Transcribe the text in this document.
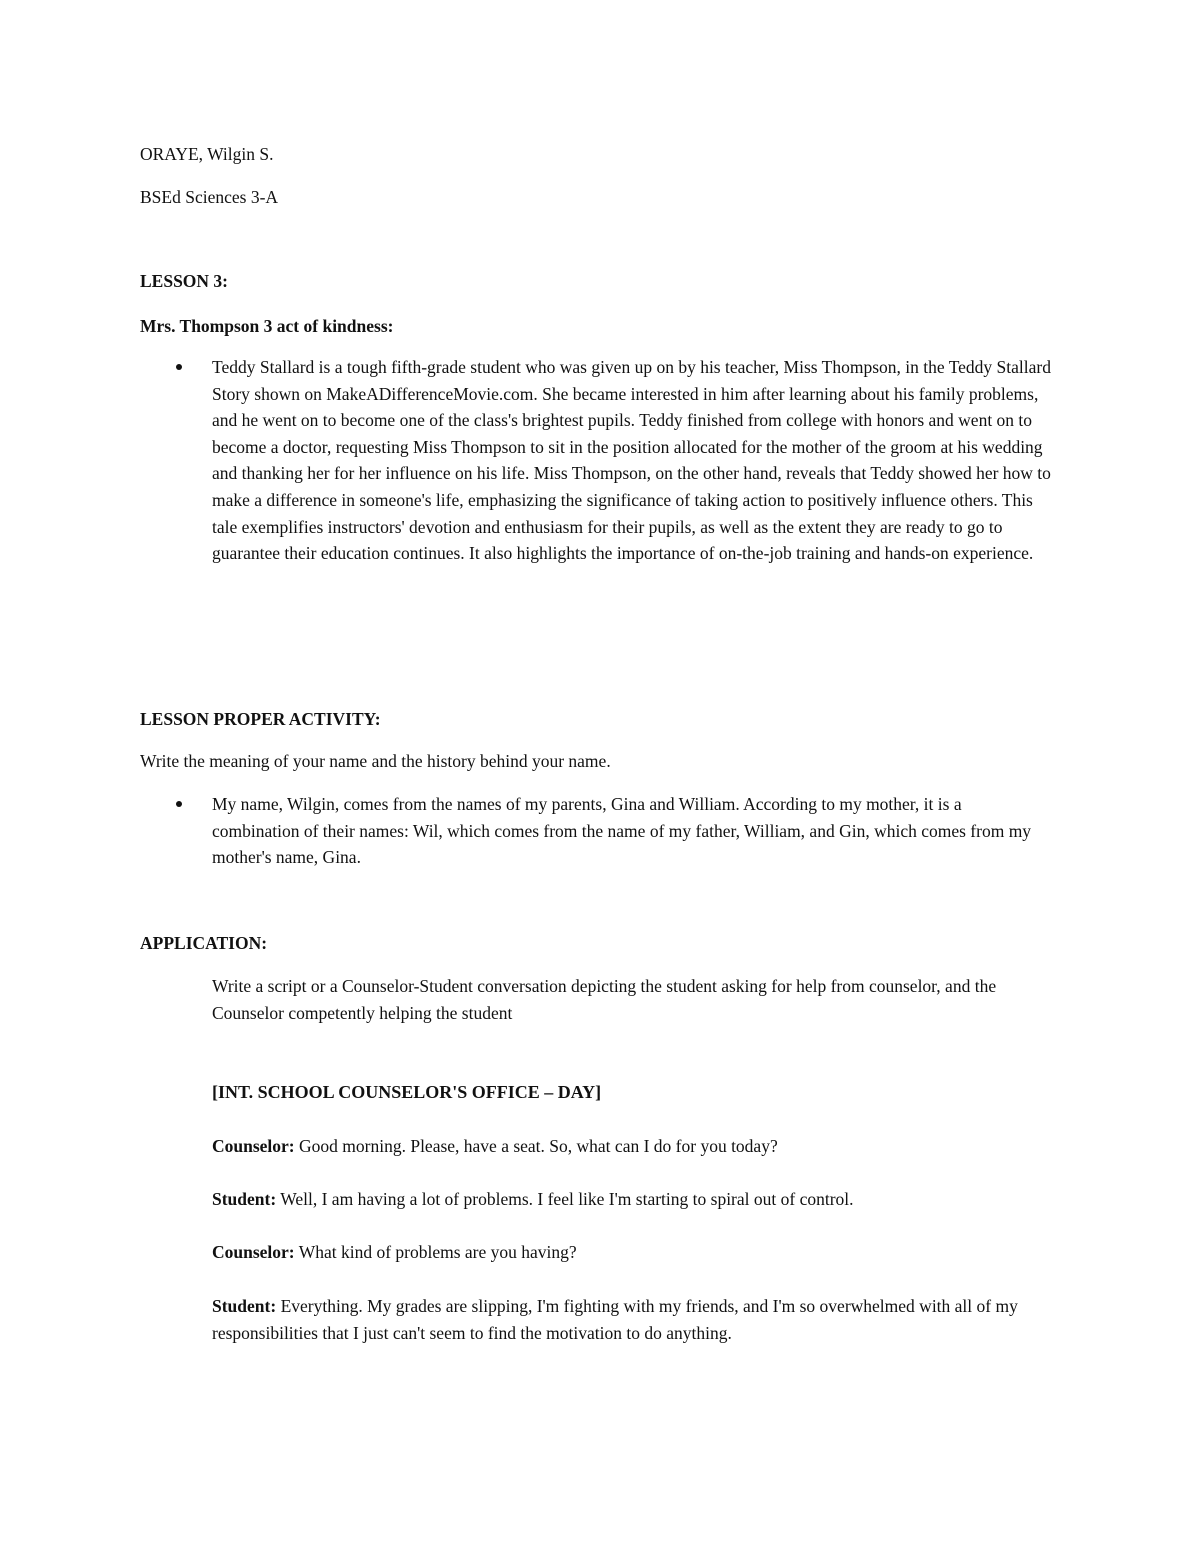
ORAYE, Wilgin S.
BSEd Sciences 3-A
LESSON 3:
Mrs. Thompson 3 act of kindness:

Teddy Stallard is a tough fifth-grade student who was given up on by his teacher, Miss Thompson, in the Teddy Stallard Story shown on MakeADifferenceMovie.com. She became interested in him after learning about his family problems, and he went on to become one of the class's brightest pupils. Teddy finished from college with honors and went on to become a doctor, requesting Miss Thompson to sit in the position allocated for the mother of the groom at his wedding and thanking her for her influence on his life. Miss Thompson, on the other hand, reveals that Teddy showed her how to make a difference in someone's life, emphasizing the significance of taking action to positively influence others. This tale exemplifies instructors' devotion and enthusiasm for their pupils, as well as the extent they are ready to go to guarantee their education continues. It also highlights the importance of on-the-job training and hands-on experience.

LESSON PROPER ACTIVITY:
Write the meaning of your name and the history behind your name.

My name, Wilgin, comes from the names of my parents, Gina and William. According to my mother, it is a combination of their names: Wil, which comes from the name of my father, William, and Gin, which comes from my mother's name, Gina.

APPLICATION:

Write a script or a Counselor-Student conversation depicting the student asking for help from counselor, and the Counselor competently helping the student

[INT. SCHOOL COUNSELOR'S OFFICE – DAY]
Counselor: Good morning. Please, have a seat. So, what can I do for you today?
Student: Well, I am having a lot of problems. I feel like I'm starting to spiral out of control.
Counselor: What kind of problems are you having?

Student: Everything. My grades are slipping, I'm fighting with my friends, and I'm so overwhelmed with all of my responsibilities that I just can't seem to find the motivation to do anything.
